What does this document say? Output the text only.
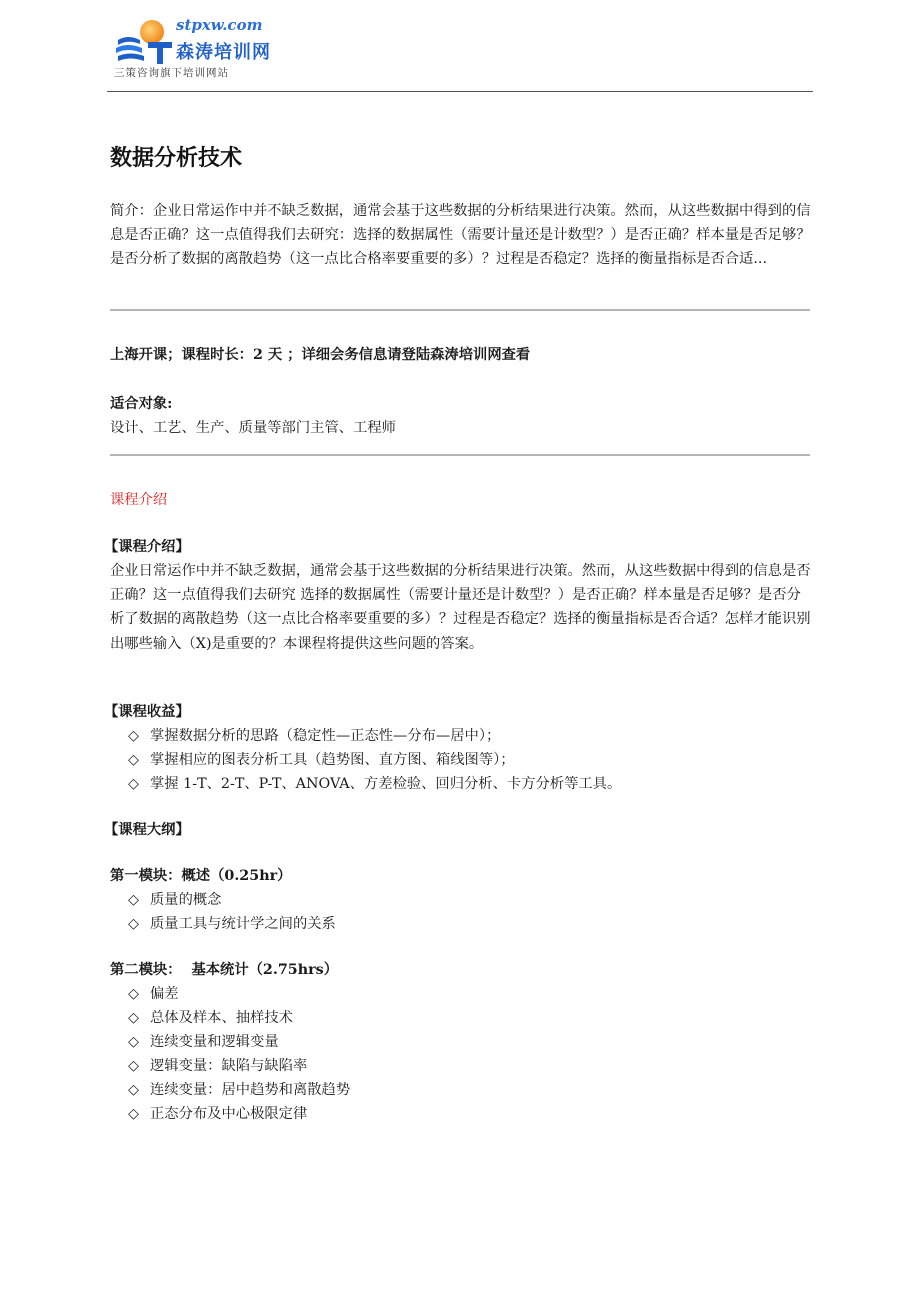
stpxw.com
森涛培训网
三策咨询旗下培训网站
数据分析技术
简介：企业日常运作中并不缺乏数据，通常会基于这些数据的分析结果进行决策。然而，从这些数据中得到的信息是否正确？这一点值得我们去研究：选择的数据属性（需要计量还是计数型？）是否正确？样本量是否足够？是否分析了数据的离散趋势（这一点比合格率要重要的多）？过程是否稳定？选择的衡量指标是否合适...
上海开课；课程时长：2 天 ；详细会务信息请登陆森涛培训网查看
适合对象:
设计、工艺、生产、质量等部门主管、工程师
课程介绍
【课程介绍】
企业日常运作中并不缺乏数据，通常会基于这些数据的分析结果进行决策。然而，从这些数据中得到的信息是否正确？这一点值得我们去研究 选择的数据属性（需要计量还是计数型？）是否正确？样本量是否足够？是否分析了数据的离散趋势（这一点比合格率要重要的多）？过程是否稳定？选择的衡量指标是否合适？怎样才能识别出哪些输入（X)是重要的？本课程将提供这些问题的答案。
【课程收益】
◇ 掌握数据分析的思路（稳定性—正态性—分布—居中）；
◇ 掌握相应的图表分析工具（趋势图、直方图、箱线图等）；
◇ 掌握 1-T、2-T、P-T、ANOVA、方差检验、回归分析、卡方分析等工具。
【课程大纲】
第一模块：概述（0.25hr）
◇ 质量的概念
◇ 质量工具与统计学之间的关系
第二模块：  基本统计（2.75hrs）
◇ 偏差
◇ 总体及样本、抽样技术
◇ 连续变量和逻辑变量
◇ 逻辑变量：缺陷与缺陷率
◇ 连续变量：居中趋势和离散趋势
◇ 正态分布及中心极限定律
